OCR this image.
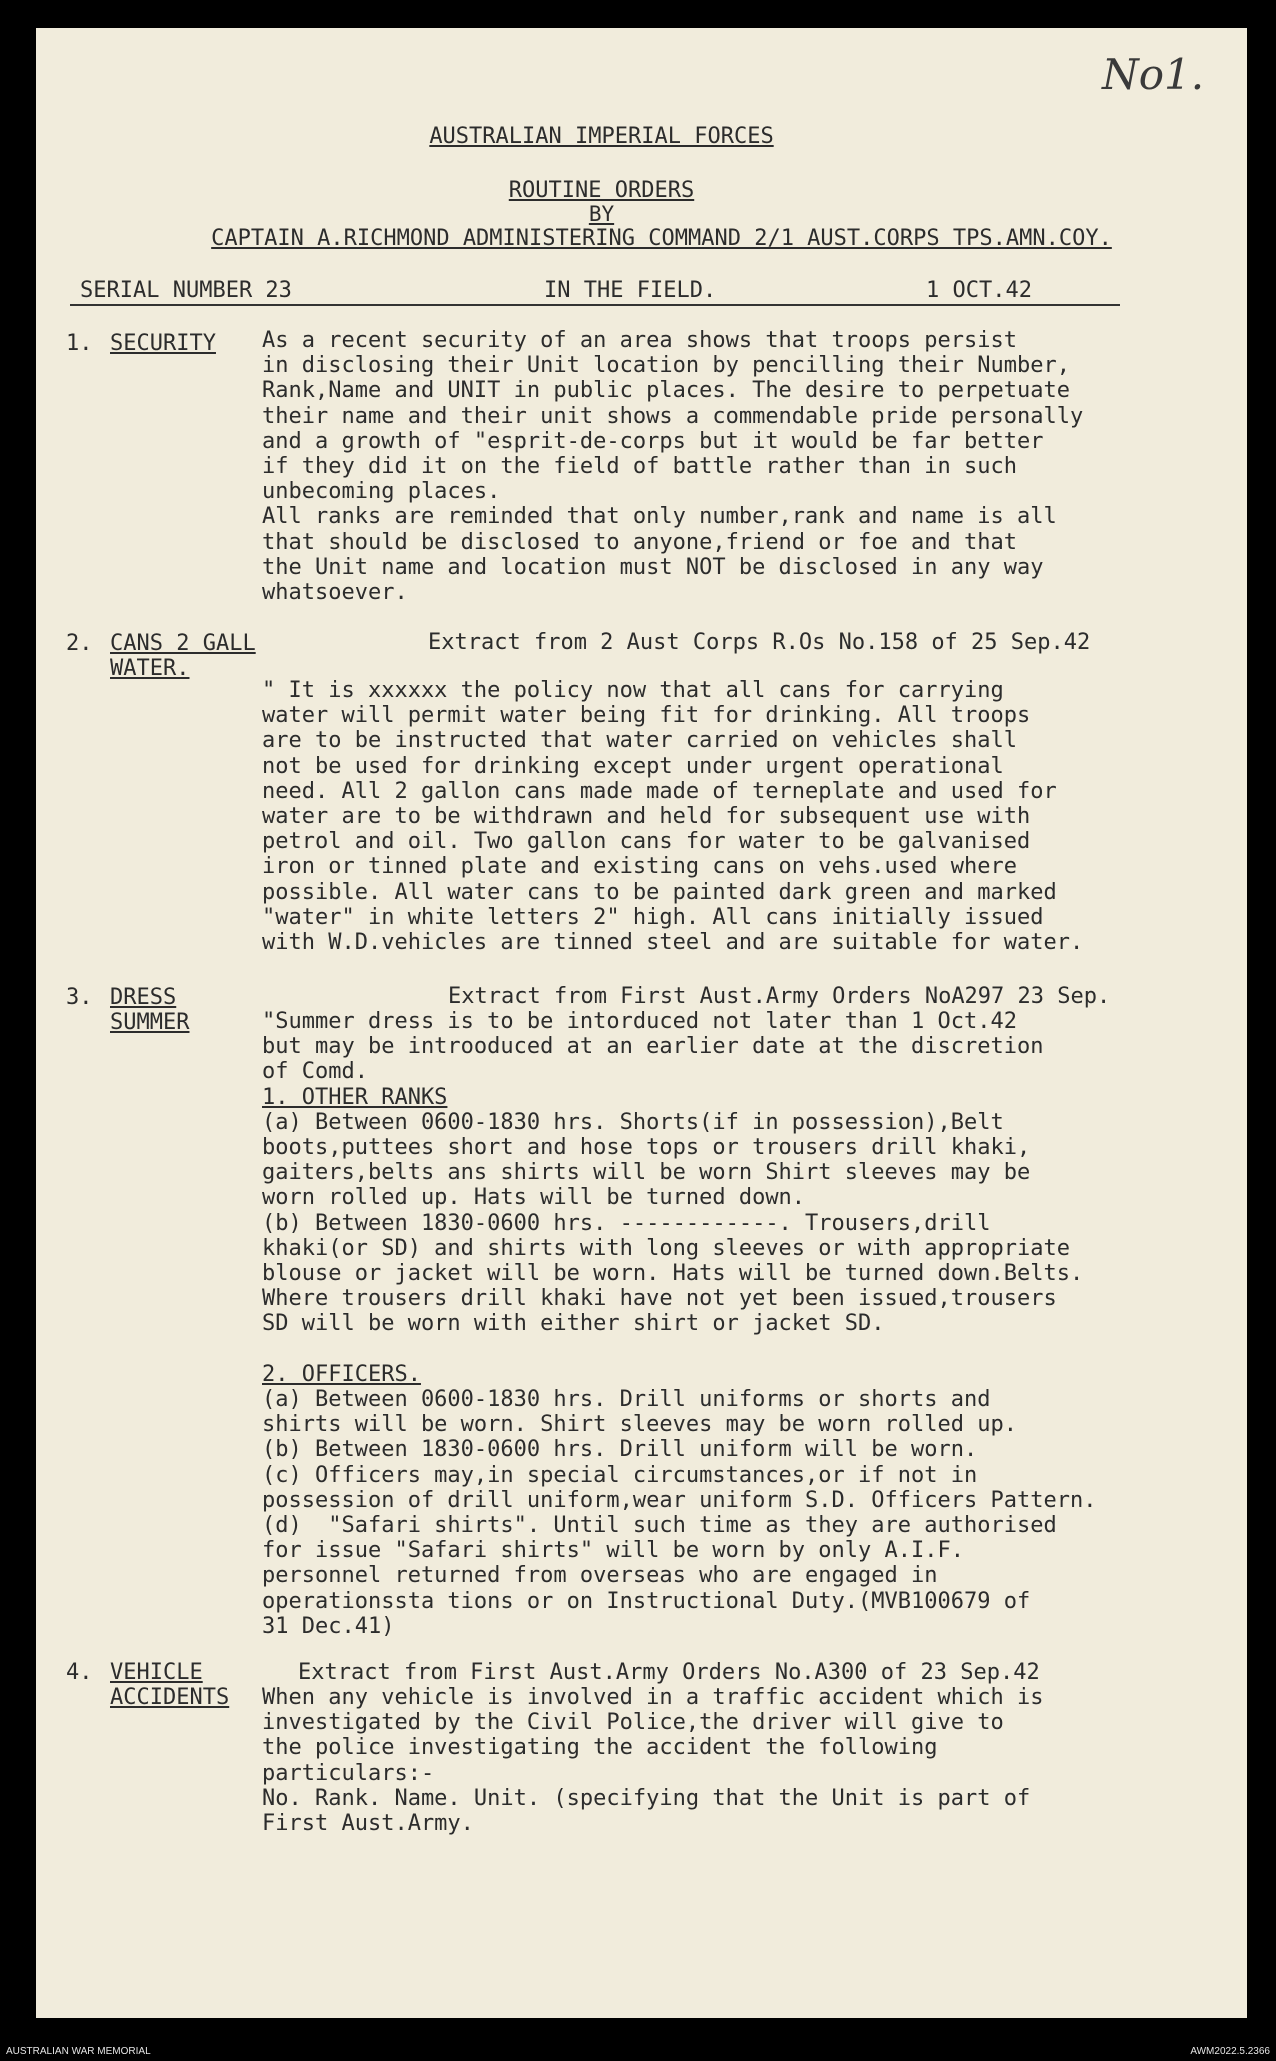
No1.
AUSTRALIAN IMPERIAL FORCES
ROUTINE ORDERS
BY
CAPTAIN A.RICHMOND ADMINISTERING COMMAND 2/1 AUST.CORPS TPS.AMN.COY.
SERIAL NUMBER 23	IN THE FIELD.	1 OCT.42
1. SECURITY As a recent security of an area shows that troops persist
in disclosing their Unit location by pencilling their Number,
Rank,Name and UNIT in public places. The desire to perpetuate
their name and their unit shows a commendable pride personally
and a growth of "esprit-de-corps but it would be far better
if they did it on the field of battle rather than in such
unbecoming places.
All ranks are reminded that only number,rank and name is all
that should be disclosed to anyone,friend or foe and that
the Unit name and location must NOT be disclosed in any way
whatsoever.
2. CANS 2 GALL
WATER.
Extract from 2 Aust Corps R.Os No.158 of 25 Sep.42
" It is xxxxxx the policy now that all cans for carrying
water will permit water being fit for drinking. All troops
are to be instructed that water carried on vehicles shall
not be used for drinking except under urgent operational
need. All 2 gallon cans made made of terneplate and used for
water are to be withdrawn and held for subsequent use with
petrol and oil. Two gallon cans for water to be galvanised
iron or tinned plate and existing cans on vehs.used where
possible. All water cans to be painted dark green and marked
"water" in white letters 2" high. All cans initially issued
with W.D.vehicles are tinned steel and are suitable for water.
3. DRESS
SUMMER
Extract from First Aust.Army Orders NoA297 23 Sep.
"Summer dress is to be intorduced not later than 1 Oct.42
but may be introoduced at an earlier date at the discretion
of Comd.
1. OTHER RANKS
(a) Between 0600-1830 hrs. Shorts(if in possession),Belt
boots,puttees short and hose tops or trousers drill khaki,
gaiters,belts ans shirts will be worn Shirt sleeves may be
worn rolled up. Hats will be turned down.
(b) Between 1830-0600 hrs. ------------. Trousers,drill
khaki(or SD) and shirts with long sleeves or with appropriate
blouse or jacket will be worn. Hats will be turned down.Belts.
Where trousers drill khaki have not yet been issued,trousers
SD will be worn with either shirt or jacket SD.
2. OFFICERS.
(a) Between 0600-1830 hrs. Drill uniforms or shorts and
shirts will be worn. Shirt sleeves may be worn rolled up.
(b) Between 1830-0600 hrs. Drill uniform will be worn.
(c) Officers may,in special circumstances,or if not in
possession of drill uniform,wear uniform S.D. Officers Pattern.
(d)  "Safari shirts". Until such time as they are authorised
for issue "Safari shirts" will be worn by only A.I.F.
personnel returned from overseas who are engaged in
operationssta tions or on Instructional Duty.(MVB100679 of
31 Dec.41)
4. VEHICLE
ACCIDENTS
Extract from First Aust.Army Orders No.A300 of 23 Sep.42
When any vehicle is involved in a traffic accident which is
investigated by the Civil Police,the driver will give to
the police investigating the accident the following
particulars:-
No. Rank. Name. Unit. (specifying that the Unit is part of
First Aust.Army.
AUSTRALIAN WAR MEMORIAL	AWM2022.5.2366
